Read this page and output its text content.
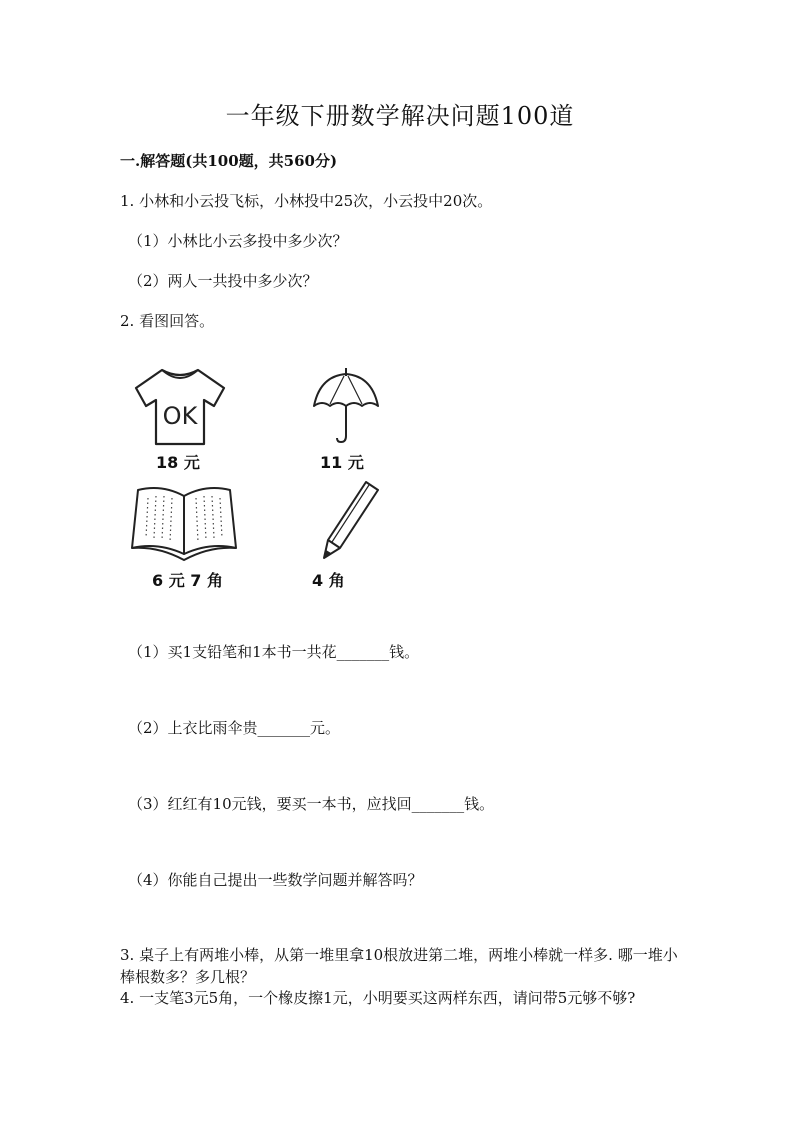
一年级下册数学解决问题100道
一.解答题(共100题，共560分)
1. 小林和小云投飞标，小林投中25次，小云投中20次。
（1）小林比小云多投中多少次？
（2）两人一共投中多少次？
2. 看图回答。
OK
18 元	11 元
6 元 7 角	4 角
（1）买1支铅笔和1本书一共花_______钱。
（2）上衣比雨伞贵_______元。
（3）红红有10元钱，要买一本书，应找回_______钱。
（4）你能自己提出一些数学问题并解答吗？
3. 桌子上有两堆小棒，从第一堆里拿10根放进第二堆，两堆小棒就一样多. 哪一堆小棒根数多？多几根？
4. 一支笔3元5角，一个橡皮擦1元，小明要买这两样东西，请问带5元够不够?
